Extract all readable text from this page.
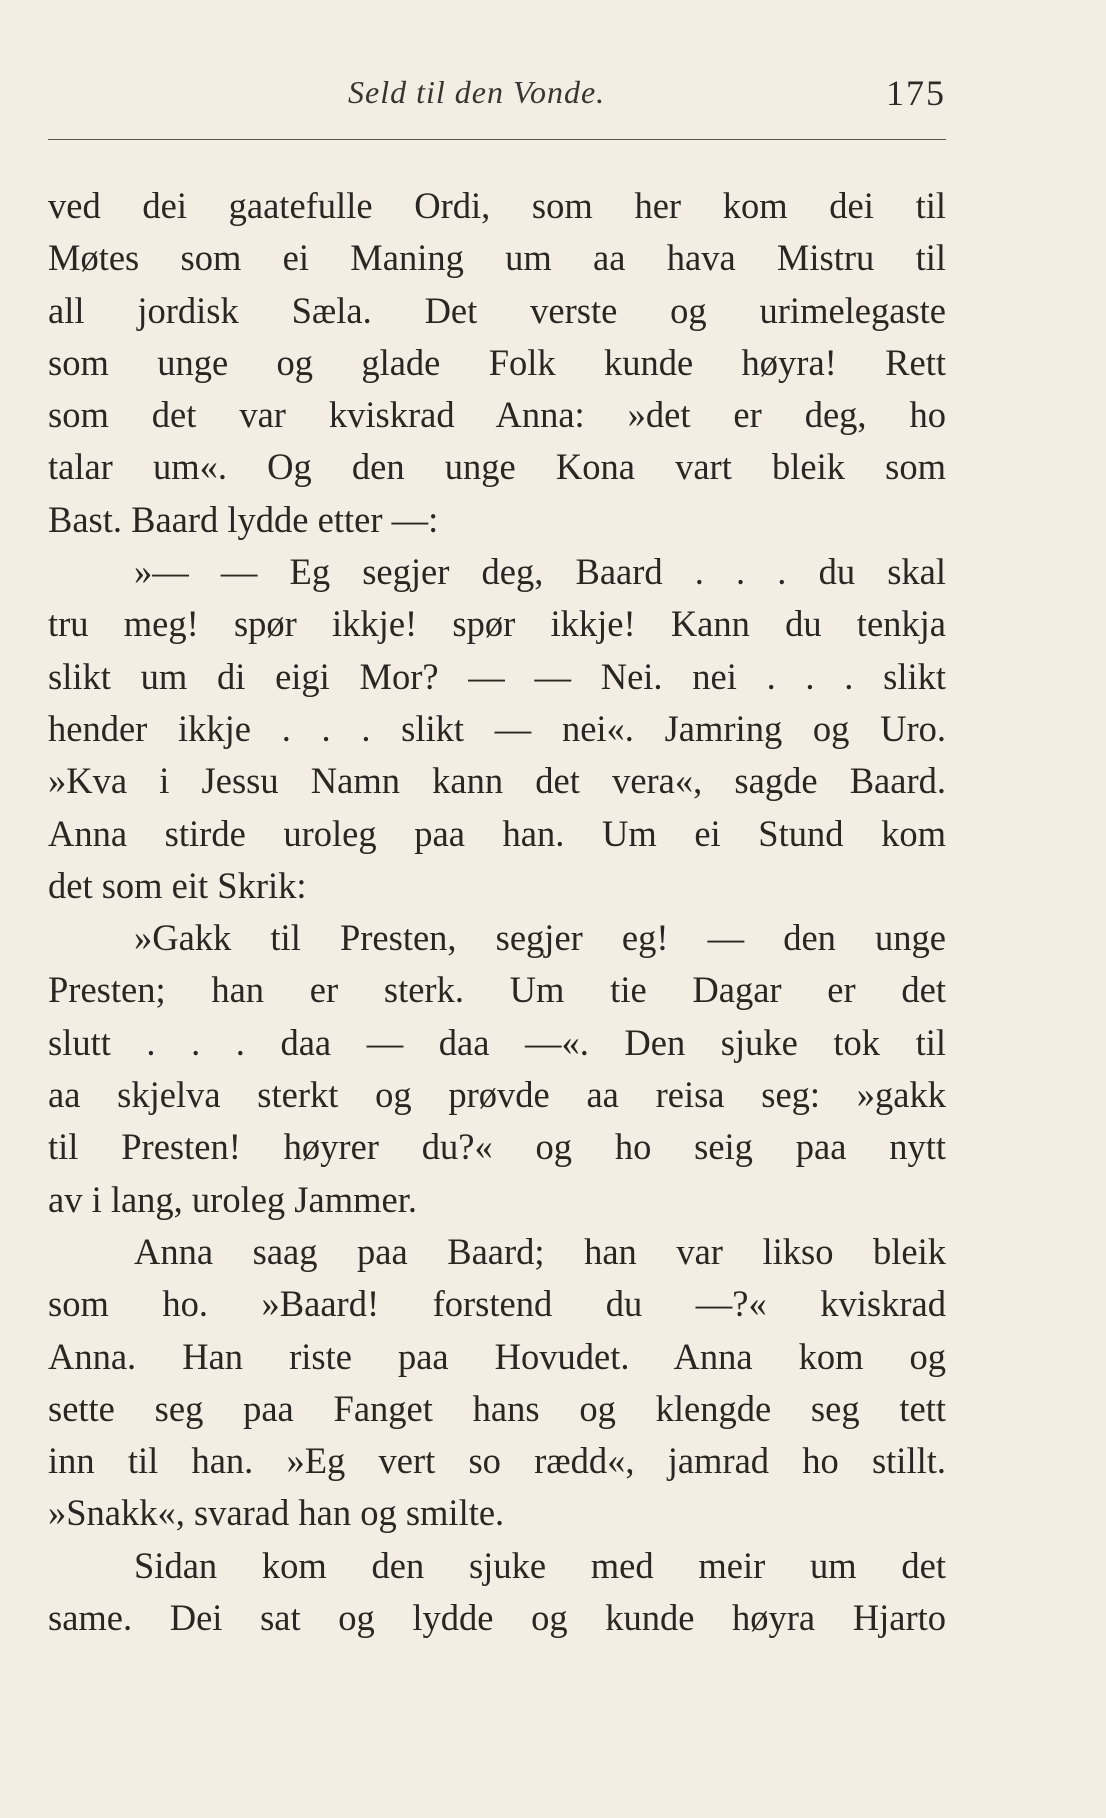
Seld til den Vonde.	175
ved dei gaatefulle Ordi, som her kom dei til
Møtes som ei Maning um aa hava Mistru til
all jordisk Sæla. Det verste og urimelegaste
som unge og glade Folk kunde høyra! Rett
som det var kviskrad Anna: »det er deg, ho
talar um«. Og den unge Kona vart bleik som
Bast. Baard lydde etter —:
»— — Eg segjer deg, Baard . . . du skal
tru meg! spør ikkje! spør ikkje! Kann du tenkja
slikt um di eigi Mor? — — Nei. nei . . . slikt
hender ikkje . . . slikt — nei«. Jamring og Uro.
»Kva i Jessu Namn kann det vera«, sagde Baard.
Anna stirde uroleg paa han. Um ei Stund kom
det som eit Skrik:
»Gakk til Presten, segjer eg! — den unge
Presten; han er sterk. Um tie Dagar er det
slutt . . . daa — daa —«. Den sjuke tok til
aa skjelva sterkt og prøvde aa reisa seg: »gakk
til Presten! høyrer du?« og ho seig paa nytt
av i lang, uroleg Jammer.
Anna saag paa Baard; han var likso bleik
som ho. »Baard! forstend du —?« kviskrad
Anna. Han riste paa Hovudet. Anna kom og
sette seg paa Fanget hans og klengde seg tett
inn til han. »Eg vert so rædd«, jamrad ho stillt.
»Snakk«, svarad han og smilte.
Sidan kom den sjuke med meir um det
same. Dei sat og lydde og kunde høyra Hjarto
